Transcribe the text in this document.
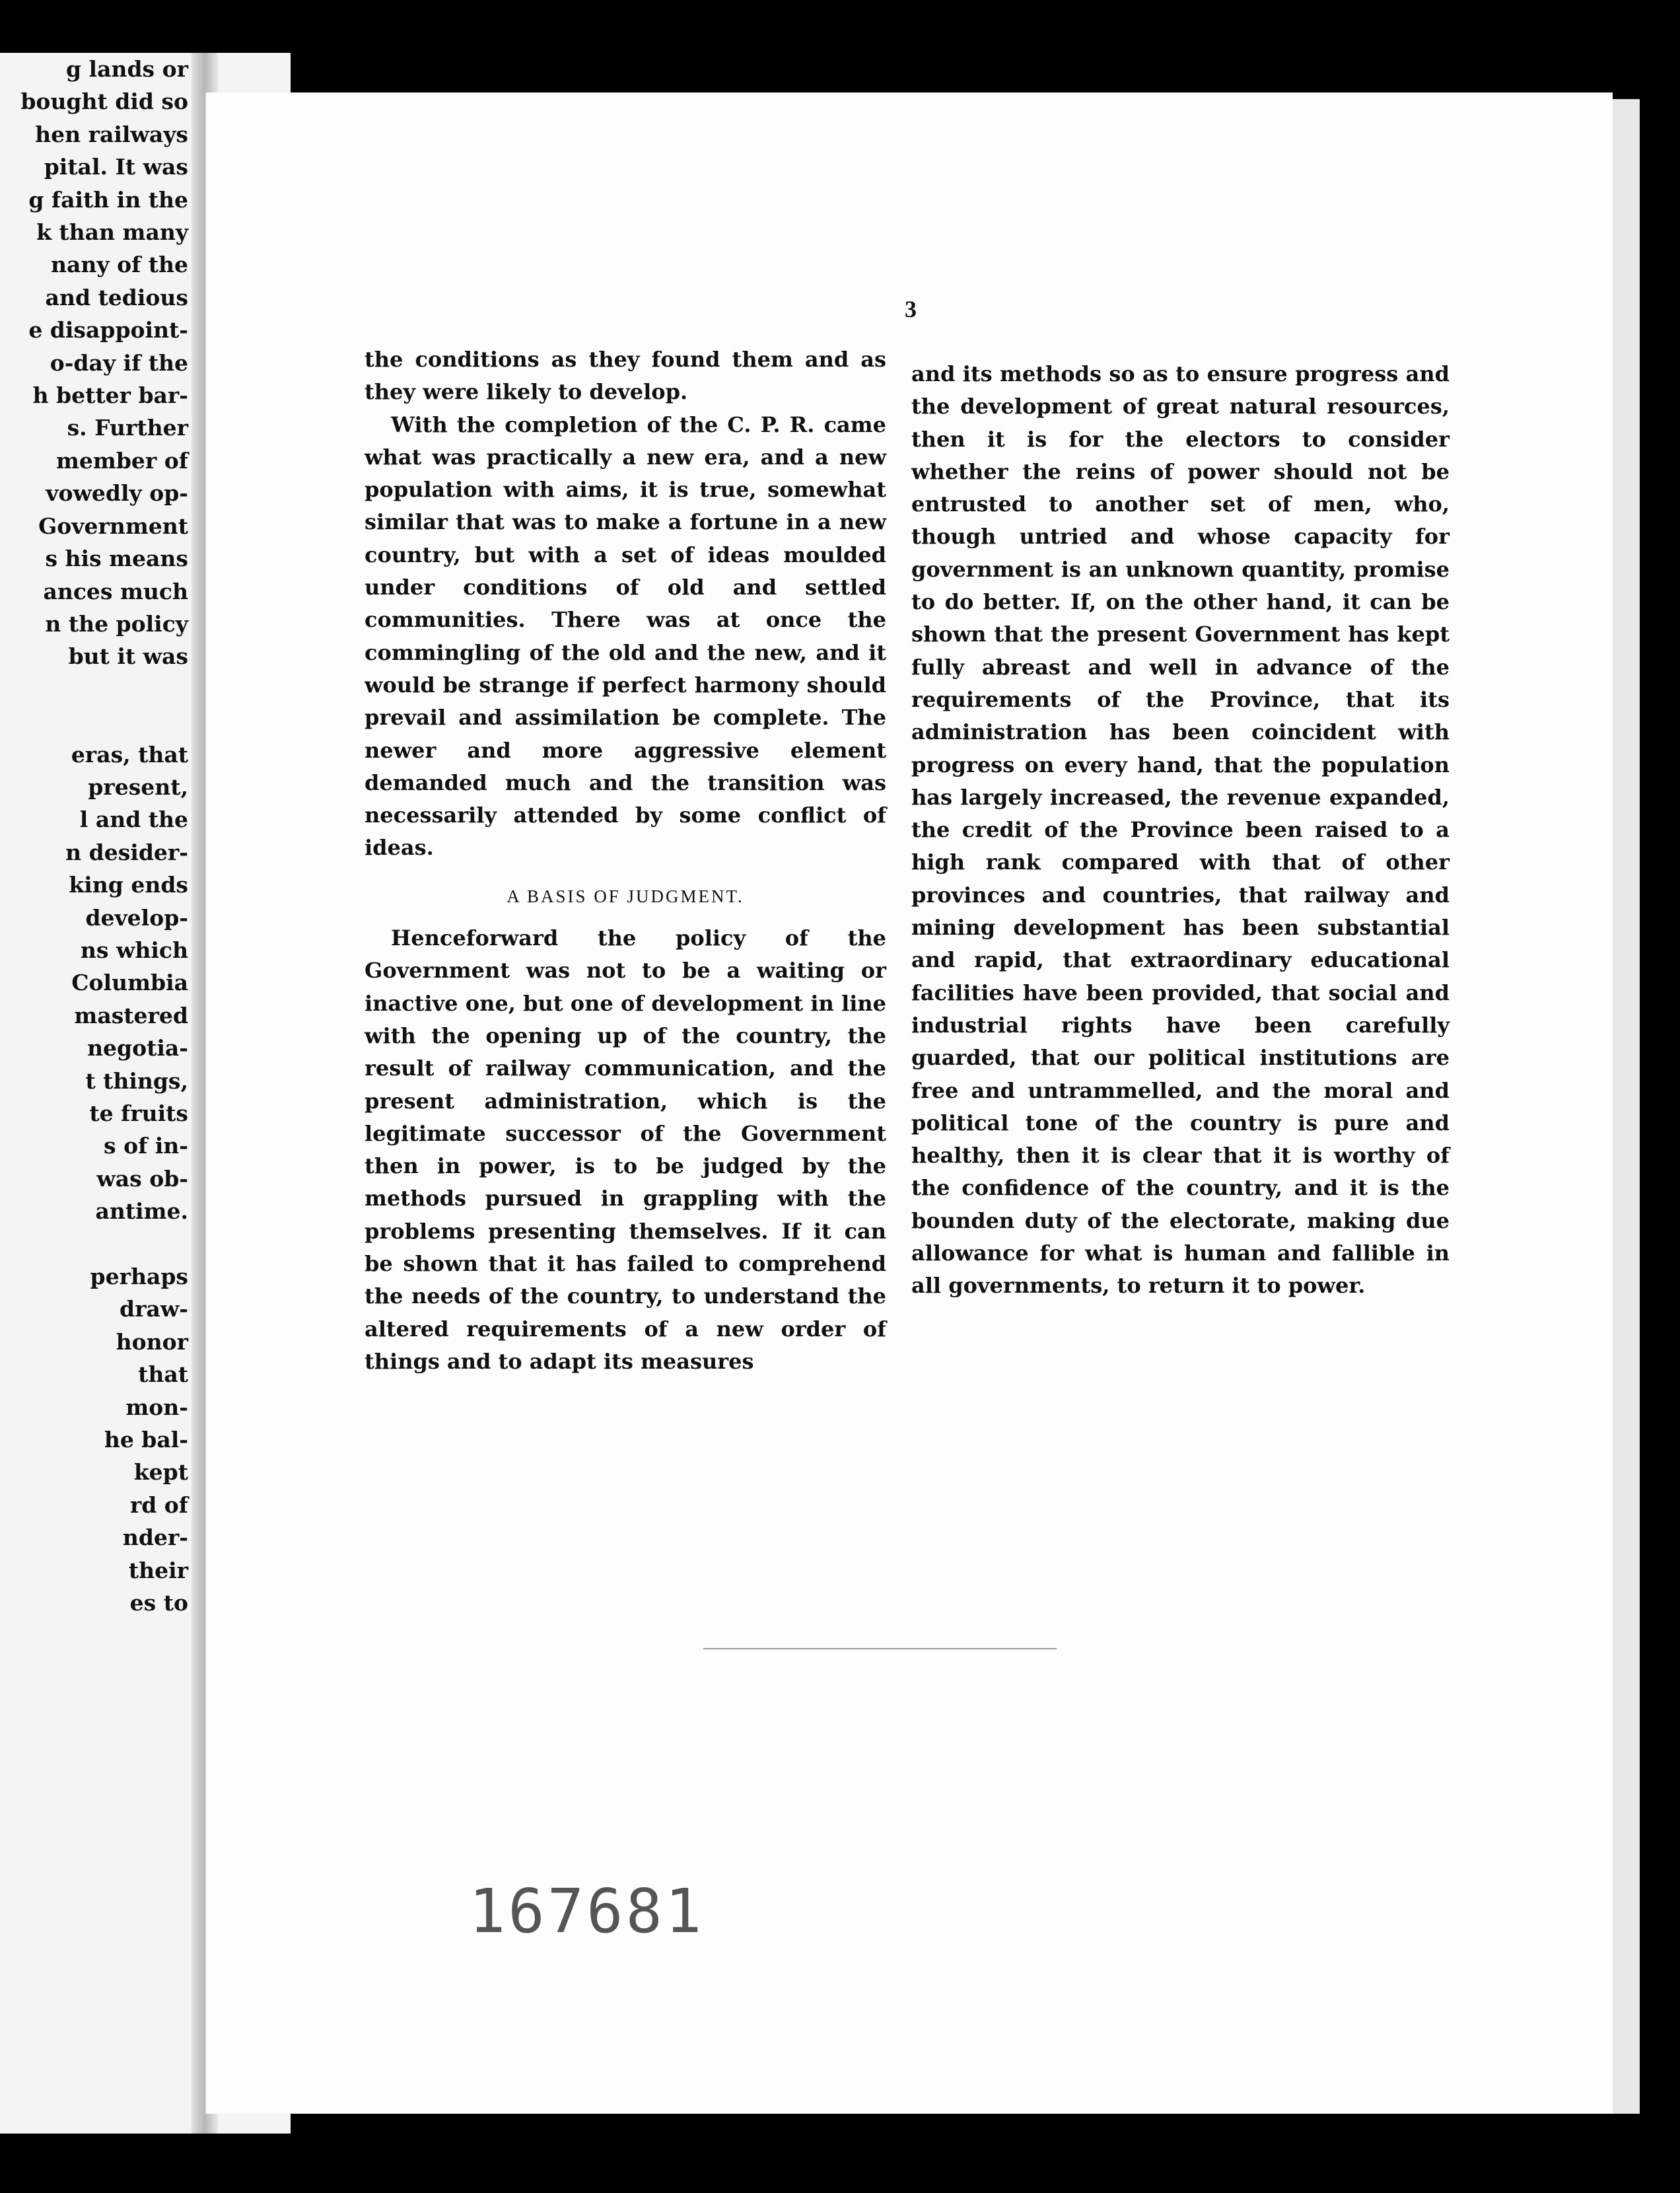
g lands or
bought did so
hen railways
pital. It was
g faith in the
k than many
nany of the
and tedious
e disappoint-
o-day if the
h better bar-
s. Further
member of
vowedly op-
Government
s his means
ances much
n the policy
but it was

eras, that
present,
l and the
n desider-
king ends
develop-
ns which
Columbia
mastered
negotia-
t things,
te fruits
s of in-
was ob-
antime.

perhaps
draw-
honor
that
mon-
he bal-
kept
rd of
nder-
their
es to
3

the conditions as they found them and as they were likely to develop.

With the completion of the C. P. R. came what was practically a new era, and a new population with aims, it is true, somewhat similar that was to make a fortune in a new country, but with a set of ideas moulded under conditions of old and settled communities. There was at once the commingling of the old and the new, and it would be strange if perfect harmony should prevail and assimilation be complete. The newer and more aggressive element demanded much and the transition was necessarily attended by some conflict of ideas.

A BASIS OF JUDGMENT.

Henceforward the policy of the Government was not to be a waiting or inactive one, but one of development in line with the opening up of the country, the result of railway communication, and the present administration, which is the legitimate successor of the Government then in power, is to be judged by the methods pursued in grappling with the problems presenting themselves. If it can be shown that it has failed to comprehend the needs of the country, to understand the altered requirements of a new order of things and to adapt its measures

and its methods so as to ensure progress and the development of great natural resources, then it is for the electors to consider whether the reins of power should not be entrusted to another set of men, who, though untried and whose capacity for government is an unknown quantity, promise to do better. If, on the other hand, it can be shown that the present Government has kept fully abreast and well in advance of the requirements of the Province, that its administration has been coincident with progress on every hand, that the population has largely increased, the revenue expanded, the credit of the Province been raised to a high rank compared with that of other provinces and countries, that railway and mining development has been substantial and rapid, that extraordinary educational facilities have been provided, that social and industrial rights have been carefully guarded, that our political institutions are free and untrammelled, and the moral and political tone of the country is pure and healthy, then it is clear that it is worthy of the confidence of the country, and it is the bounden duty of the electorate, making due allowance for what is human and fallible in all governments, to return it to power.

167681
